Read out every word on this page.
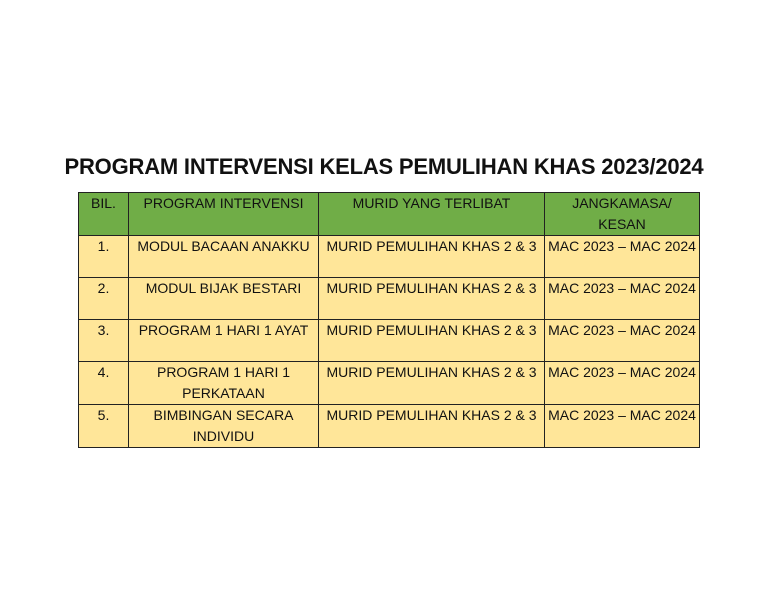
PROGRAM INTERVENSI KELAS PEMULIHAN KHAS 2023/2024
BIL.	PROGRAM INTERVENSI	MURID YANG TERLIBAT	JANGKAMASA/ KESAN
1.	MODUL BACAAN ANAKKU	MURID PEMULIHAN KHAS 2 & 3	MAC 2023 – MAC 2024
2.	MODUL BIJAK BESTARI	MURID PEMULIHAN KHAS 2 & 3	MAC 2023 – MAC 2024
3.	PROGRAM 1 HARI 1 AYAT	MURID PEMULIHAN KHAS 2 & 3	MAC 2023 – MAC 2024
4.	PROGRAM 1 HARI 1 PERKATAAN	MURID PEMULIHAN KHAS 2 & 3	MAC 2023 – MAC 2024
5.	BIMBINGAN SECARA INDIVIDU	MURID PEMULIHAN KHAS 2 & 3	MAC 2023 – MAC 2024
